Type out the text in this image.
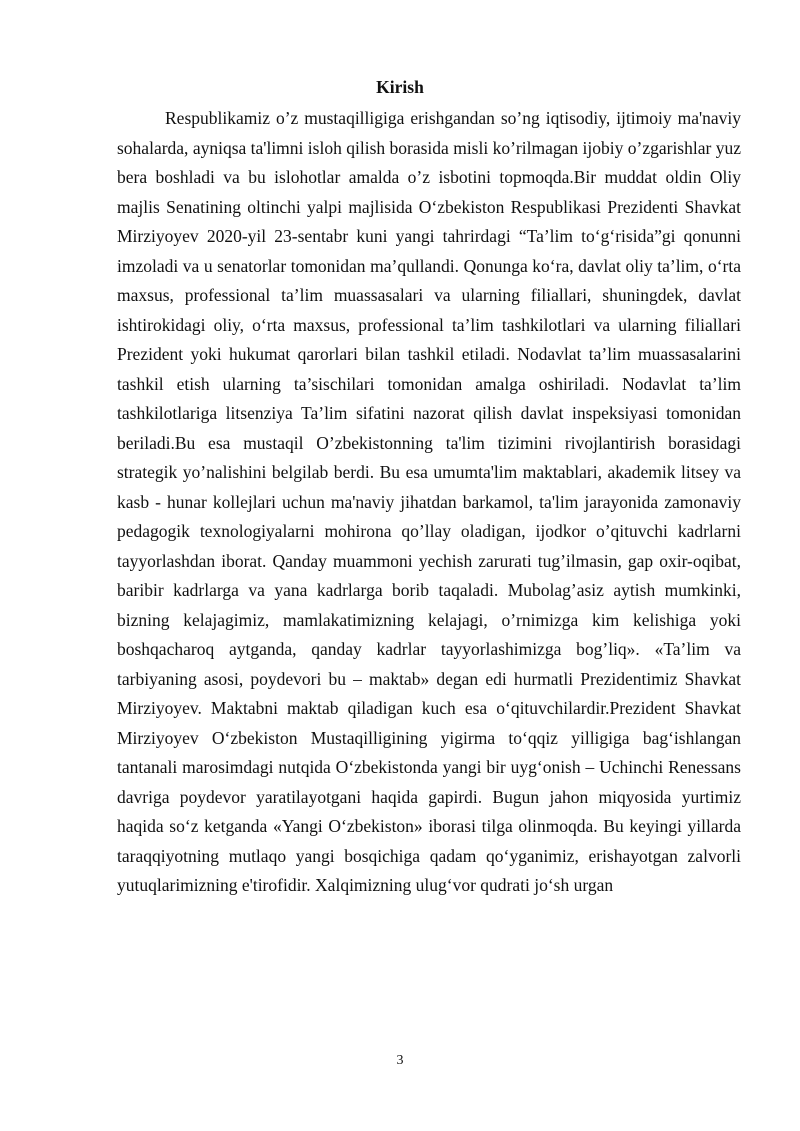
Kirish

Respublikamiz o’z mustaqilligiga erishgandan so’ng iqtisodiy, ijtimoiy ma'naviy sohalarda, ayniqsa ta'limni isloh qilish borasida misli ko’rilmagan ijobiy o’zgarishlar yuz bera boshladi va bu islohotlar amalda o’z isbotini topmoqda.Bir muddat oldin Oliy majlis Senatining oltinchi yalpi majlisida O‘zbekiston Respublikasi Prezidenti Shavkat Mirziyoyev 2020-yil 23-sentabr kuni yangi tahrirdagi “Ta’lim to‘g‘risida”gi qonunni imzoladi va u senatorlar tomonidan ma’qullandi. Qonunga ko‘ra, davlat oliy ta’lim, o‘rta maxsus, professional ta’lim muassasalari va ularning filiallari, shuningdek, davlat ishtirokidagi oliy, o‘rta maxsus, professional ta’lim tashkilotlari va ularning filiallari Prezident yoki hukumat qarorlari bilan tashkil etiladi. Nodavlat ta’lim muassasalarini tashkil etish ularning ta’sischilari tomonidan amalga oshiriladi. Nodavlat ta’lim tashkilotlariga litsenziya Ta’lim sifatini nazorat qilish davlat inspeksiyasi tomonidan beriladi.Bu esa mustaqil O’zbekistonning ta'lim tizimini rivojlantirish borasidagi strategik yo’nalishini belgilab berdi. Bu esa umumta'lim maktablari, akademik litsey va kasb - hunar kollejlari uchun ma'naviy jihatdan barkamol, ta'lim jarayonida zamonaviy pedagogik texnologiyalarni mohirona qo’llay oladigan, ijodkor o’qituvchi kadrlarni tayyorlashdan iborat. Qanday muammoni yechish zarurati tug’ilmasin, gap oxir-oqibat, baribir kadrlarga va yana kadrlarga borib taqaladi. Mubolag’asiz aytish mumkinki, bizning kelajagimiz, mamlakatimizning kelajagi, o’rnimizga kim kelishiga yoki boshqacharoq aytganda, qanday kadrlar tayyorlashimizga bog’liq». «Ta’lim va tarbiyaning asosi, poydevori bu – maktab» degan edi hurmatli Prezidentimiz Shavkat Mirziyoyev. Maktabni maktab qiladigan kuch esa o‘qituvchilardir.Prezident Shavkat Mirziyoyev O‘zbekiston Mustaqilligining yigirma to‘qqiz yilligiga bag‘ishlangan tantanali marosimdagi nutqida O‘zbekistonda yangi bir uyg‘onish – Uchinchi Renessans davriga poydevor yaratilayotgani haqida gapirdi. Bugun jahon miqyosida yurtimiz haqida so‘z ketganda «Yangi O‘zbekiston» iborasi tilga olinmoqda. Bu keyingi yillarda taraqqiyotning mutlaqo yangi bosqichiga qadam qo‘yganimiz, erishayotgan zalvorli yutuqlarimizning e'tirofidir. Xalqimizning ulug‘vor qudrati jo‘sh urgan

3
